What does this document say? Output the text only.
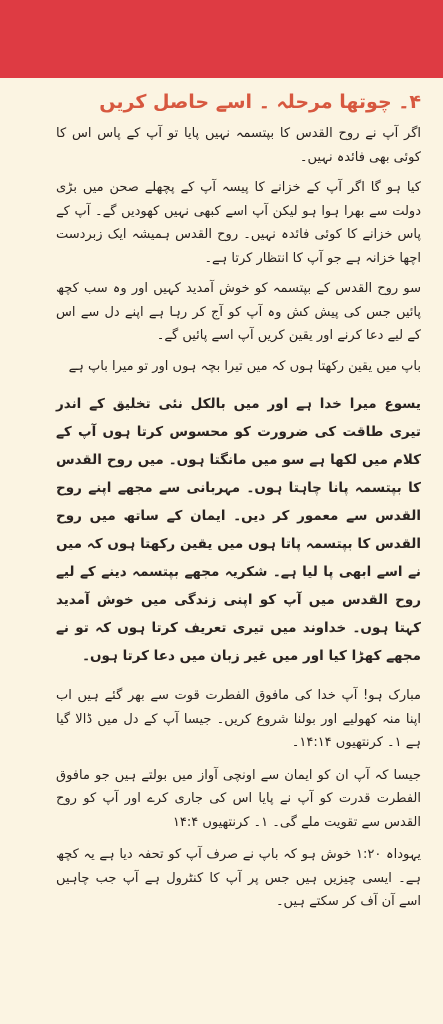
۴۔ چوتھا مرحلہ ۔ اسے حاصل کریں

اگر آپ نے روح القدس کا بپتسمہ نہیں پایا تو آپ کے پاس اس کا کوئی بھی فائدہ نہیں۔

کیا ہو گا اگر آپ کے خزانے کا پیسہ آپ کے پچھلے صحن میں بڑی دولت سے بھرا ہوا ہو لیکن آپ اسے کبھی نہیں کھودیں گے۔ آپ کے پاس خزانے کا کوئی فائدہ نہیں۔ روح القدس ہمیشہ ایک زبردست اچھا خزانہ ہے جو آپ کا انتظار کرتا ہے۔

سو روح القدس کے بپتسمہ کو خوش آمدید کہیں اور وہ سب کچھ پائیں جس کی پیش کش وہ آپ کو آج کر رہا ہے اپنے دل سے اس کے لیے دعا کرنے اور یقین کریں آپ اسے پائیں گے۔

باپ میں یقین رکھتا ہوں کہ میں تیرا بچہ ہوں اور تو میرا باپ ہے

یسوع میرا خدا ہے اور میں بالکل نئی تخلیق کے اندر تیری طاقت کی ضرورت کو محسوس کرتا ہوں آپ کے کلام میں لکھا ہے سو میں مانگتا ہوں۔ میں روح القدس کا بپتسمہ پانا چاہتا ہوں۔ مہربانی سے مجھے اپنے روح القدس سے معمور کر دیں۔ ایمان کے ساتھ میں روح القدس کا بپتسمہ پاتا ہوں میں یقین رکھتا ہوں کہ میں نے اسے ابھی پا لیا ہے۔ شکریہ مجھے بپتسمہ دینے کے لیے روح القدس میں آپ کو اپنی زندگی میں خوش آمدید کہتا ہوں۔ خداوند میں تیری تعریف کرتا ہوں کہ تو نے مجھے کھڑا کیا اور میں غیر زبان میں دعا کرتا ہوں۔

مبارک ہو! آپ خدا کی مافوق الفطرت قوت سے بھر گئے ہیں اب اپنا منہ کھولیے اور بولنا شروع کریں۔ جیسا آپ کے دل میں ڈالا گیا ہے ۱۔ کرنتھیوں ۱۴:۱۴۔

جیسا کہ آپ ان کو ایمان سے اونچی آواز میں بولتے ہیں جو مافوق الفطرت قدرت کو آپ نے پایا اس کی جاری کرے اور آپ کو روح القدس سے تقویت ملے گی۔ ۱۔ کرنتھیوں ۱۴:۴

یہوداہ ۱:۲۰ خوش ہو کہ باپ نے صرف آپ کو تحفہ دیا ہے یہ کچھ ہے۔ ایسی چیزیں ہیں جس پر آپ کا کنٹرول ہے آپ جب چاہیں اسے آن آف کر سکتے ہیں۔
